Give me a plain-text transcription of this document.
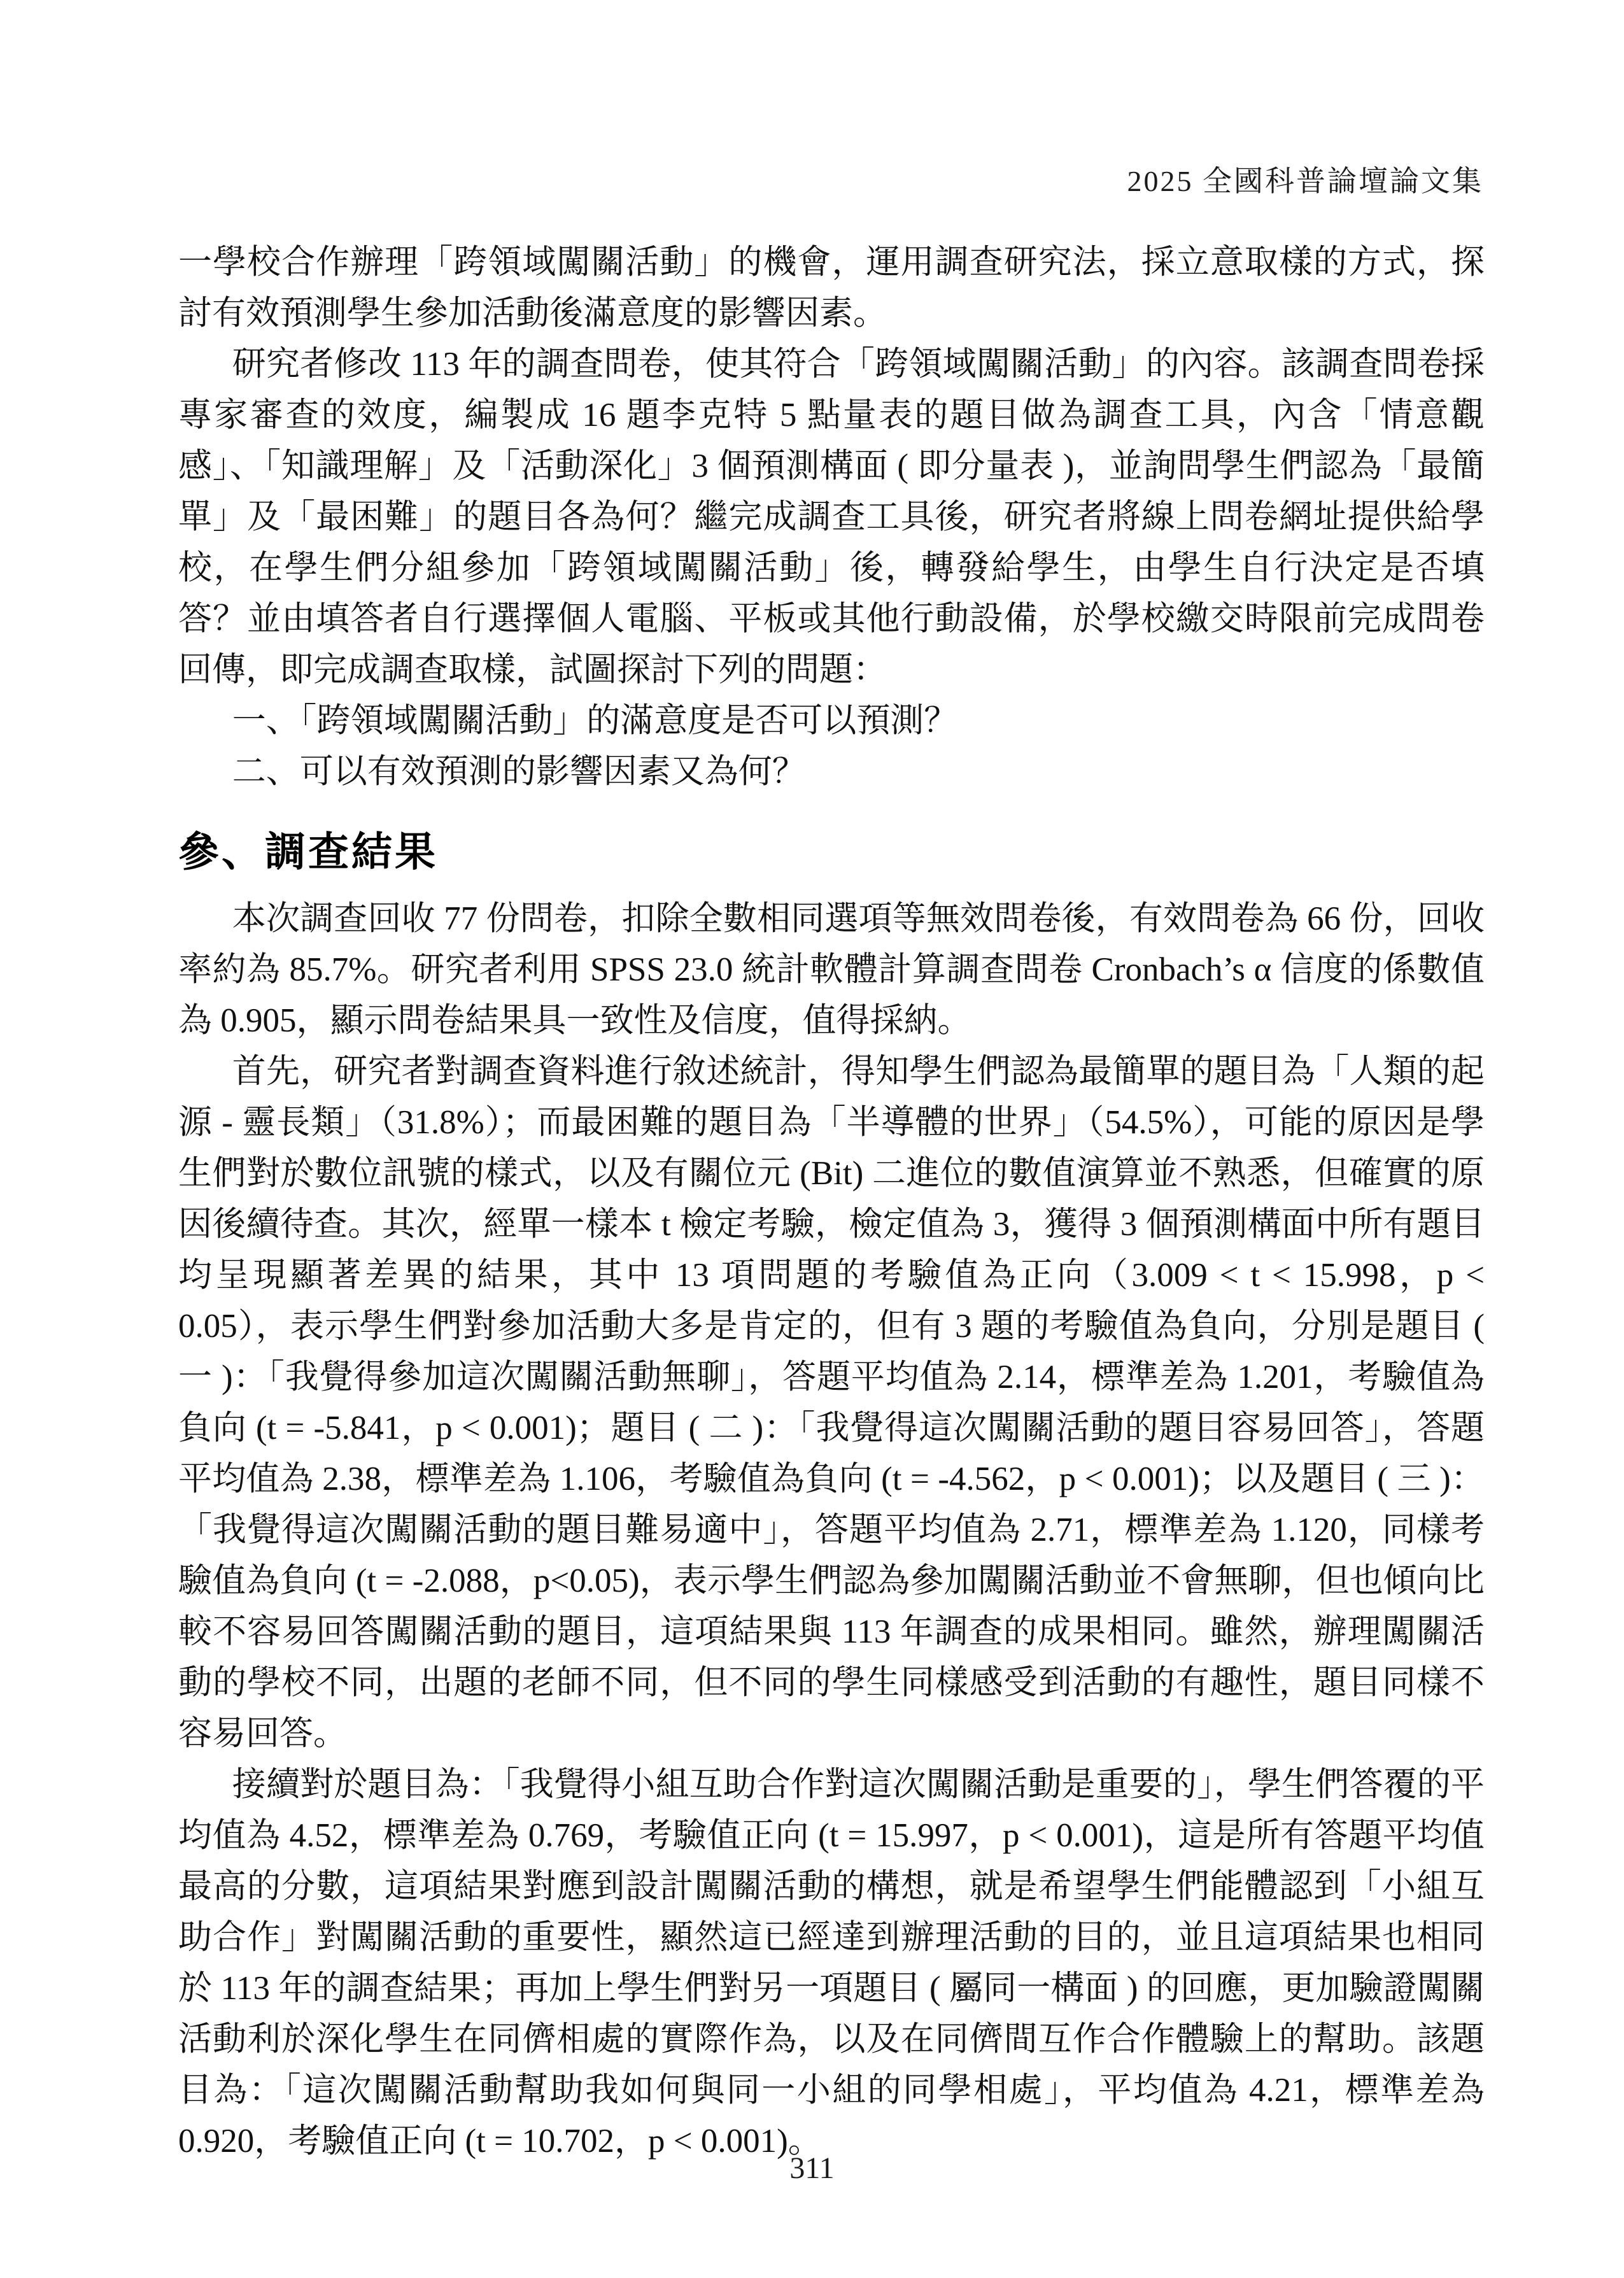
2025 全國科普論壇論文集

一學校合作辦理「跨領域闖關活動」的機會，運用調查研究法，採立意取樣的方式，探討有效預測學生參加活動後滿意度的影響因素。

研究者修改 113 年的調查問卷，使其符合「跨領域闖關活動」的內容。該調查問卷採專家審查的效度，編製成 16 題李克特 5 點量表的題目做為調查工具，內含「情意觀感」、「知識理解」及「活動深化」3 個預測構面 ( 即分量表 )，並詢問學生們認為「最簡單」及「最困難」的題目各為何？繼完成調查工具後，研究者將線上問卷網址提供給學校，在學生們分組參加「跨領域闖關活動」後，轉發給學生，由學生自行決定是否填答？並由填答者自行選擇個人電腦、平板或其他行動設備，於學校繳交時限前完成問卷回傳，即完成調查取樣，試圖探討下列的問題：

一、「跨領域闖關活動」的滿意度是否可以預測？

二、可以有效預測的影響因素又為何？

參、調查結果

本次調查回收 77 份問卷，扣除全數相同選項等無效問卷後，有效問卷為 66 份，回收率約為 85.7%。研究者利用 SPSS 23.0 統計軟體計算調查問卷 Cronbach’s α 信度的係數值為 0.905，顯示問卷結果具一致性及信度，值得採納。

首先，研究者對調查資料進行敘述統計，得知學生們認為最簡單的題目為「人類的起源 - 靈長類」（31.8%）；而最困難的題目為「半導體的世界」（54.5%），可能的原因是學生們對於數位訊號的樣式，以及有關位元 (Bit) 二進位的數值演算並不熟悉，但確實的原因後續待查。其次，經單一樣本 t 檢定考驗，檢定值為 3，獲得 3 個預測構面中所有題目均呈現顯著差異的結果，其中 13 項問題的考驗值為正向（3.009 < t < 15.998，p < 0.05），表示學生們對參加活動大多是肯定的，但有 3 題的考驗值為負向，分別是題目 ( 一 )：「我覺得參加這次闖關活動無聊」，答題平均值為 2.14，標準差為 1.201，考驗值為負向 (t = -5.841，p < 0.001)；題目 ( 二 )：「我覺得這次闖關活動的題目容易回答」，答題平均值為 2.38，標準差為 1.106，考驗值為負向 (t = -4.562，p < 0.001)；以及題目 ( 三 )：「我覺得這次闖關活動的題目難易適中」，答題平均值為 2.71，標準差為 1.120，同樣考驗值為負向 (t = -2.088，p<0.05)，表示學生們認為參加闖關活動並不會無聊，但也傾向比較不容易回答闖關活動的題目，這項結果與 113 年調查的成果相同。雖然，辦理闖關活動的學校不同，出題的老師不同，但不同的學生同樣感受到活動的有趣性，題目同樣不容易回答。

接續對於題目為：「我覺得小組互助合作對這次闖關活動是重要的」，學生們答覆的平均值為 4.52，標準差為 0.769，考驗值正向 (t = 15.997，p < 0.001)，這是所有答題平均值最高的分數，這項結果對應到設計闖關活動的構想，就是希望學生們能體認到「小組互助合作」對闖關活動的重要性，顯然這已經達到辦理活動的目的，並且這項結果也相同於 113 年的調查結果；再加上學生們對另一項題目 ( 屬同一構面 ) 的回應，更加驗證闖關活動利於深化學生在同儕相處的實際作為，以及在同儕間互作合作體驗上的幫助。該題目為：「這次闖關活動幫助我如何與同一小組的同學相處」，平均值為 4.21，標準差為 0.920，考驗值正向 (t = 10.702，p < 0.001)。

311
